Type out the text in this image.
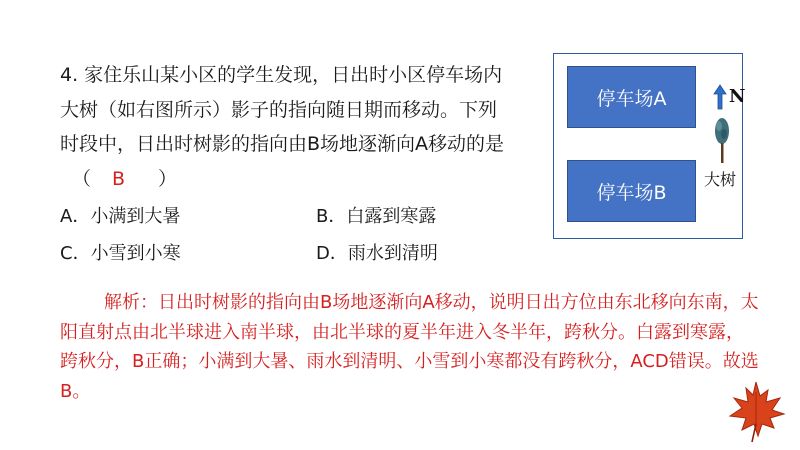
4. 家住乐山某小区的学生发现，日出时小区停车场内
大树（如右图所示）影子的指向随日期而移动。下列
时段中，日出时树影的指向由B场地逐渐向A移动的是
（ B ）
A．小满到大暑	B．白露到寒露
C．小雪到小寒	D．雨水到清明
解析：日出时树影的指向由B场地逐渐向A移动，说明日出方位由东北移向东南，太阳直射点由北半球进入南半球，由北半球的夏半年进入冬半年，跨秋分。白露到寒露，跨秋分，B正确；小满到大暑、雨水到清明、小雪到小寒都没有跨秋分，ACD错误。故选B。
停车场A
停车场B
N
大树
